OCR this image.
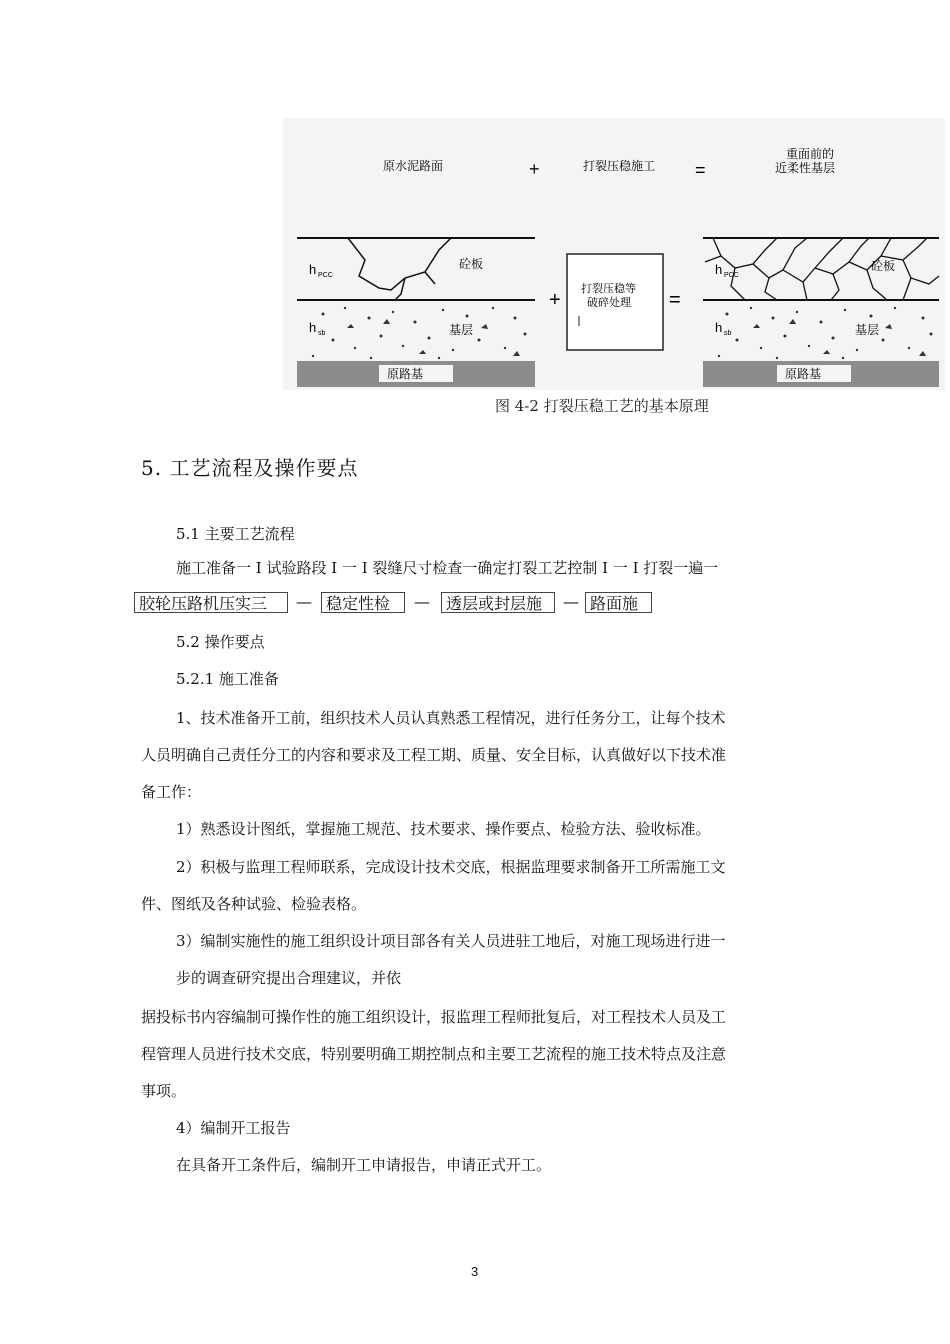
原水泥路面	+	打裂压稳施工 =
重面前的
近柔性基层
h PCC
砼板
h sb	基层
原路基
+ 打裂压稳等
破碎处理 =
h PCC
砼板
h sb	基层
原路基
图 4-2 打裂压稳工艺的基本原理
5. 工艺流程及操作要点
5.1 主要工艺流程
施工准备一 I 试验路段 I 一 I 裂缝尺寸检查一确定打裂工艺控制 I 一 I 打裂一遍一
胶轮压路机压实三	— 稳定性检	—	透层或封层施	— 路面施
5.2 操作要点
5.2.1 施工准备
1、技术准备开工前，组织技术人员认真熟悉工程情况，进行任务分工，让每个技术
人员明确自己责任分工的内容和要求及工程工期、质量、安全目标，认真做好以下技术准
备工作：
1）熟悉设计图纸，掌握施工规范、技术要求、操作要点、检验方法、验收标准。
2）积极与监理工程师联系，完成设计技术交底，根据监理要求制备开工所需施工文
件、图纸及各种试验、检验表格。
3）编制实施性的施工组织设计项目部各有关人员进驻工地后，对施工现场进行进一
步的调查研究提出合理建议，并依
据投标书内容编制可操作性的施工组织设计，报监理工程师批复后，对工程技术人员及工
程管理人员进行技术交底，特别要明确工期控制点和主要工艺流程的施工技术特点及注意
事项。
4）编制开工报告
在具备开工条件后，编制开工申请报告，申请正式开工。
3
